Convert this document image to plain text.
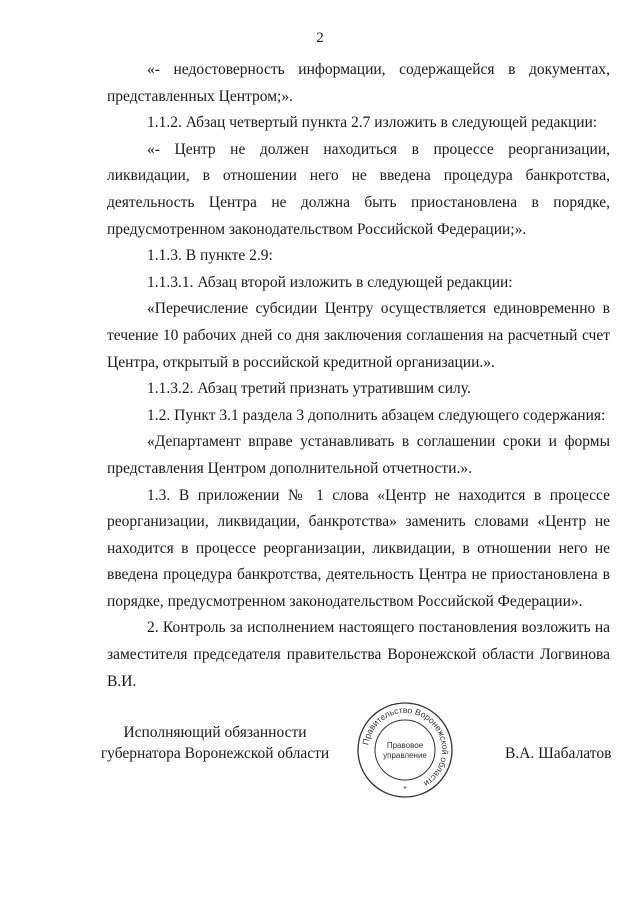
2

«- недостоверность информации, содержащейся в документах, представленных Центром;».

1.1.2. Абзац четвертый пункта 2.7 изложить в следующей редакции:

«- Центр не должен находиться в процессе реорганизации, ликвидации, в отношении него не введена процедура банкротства, деятельность Центра не должна быть приостановлена в порядке, предусмотренном законодательством Российской Федерации;».

1.1.3. В пункте 2.9:

1.1.3.1. Абзац второй изложить в следующей редакции:

«Перечисление субсидии Центру осуществляется единовременно в течение 10 рабочих дней со дня заключения соглашения на расчетный счет Центра, открытый в российской кредитной организации.».

1.1.3.2. Абзац третий признать утратившим силу.

1.2. Пункт 3.1 раздела 3 дополнить абзацем следующего содержания:

«Департамент вправе устанавливать в соглашении сроки и формы представления Центром дополнительной отчетности.».

1.3. В приложении № 1 слова «Центр не находится в процессе реорганизации, ликвидации, банкротства» заменить словами «Центр не находится в процессе реорганизации, ликвидации, в отношении него не введена процедура банкротства, деятельность Центра не приостановлена в порядке, предусмотренном законодательством Российской Федерации».

2. Контроль за исполнением настоящего постановления возложить на заместителя председателя правительства Воронежской области Логвинова В.И.

Исполняющий обязанности
губернатора Воронежской области
Правительство Воронежской области
Правовое
управление
*
В.А. Шабалатов
